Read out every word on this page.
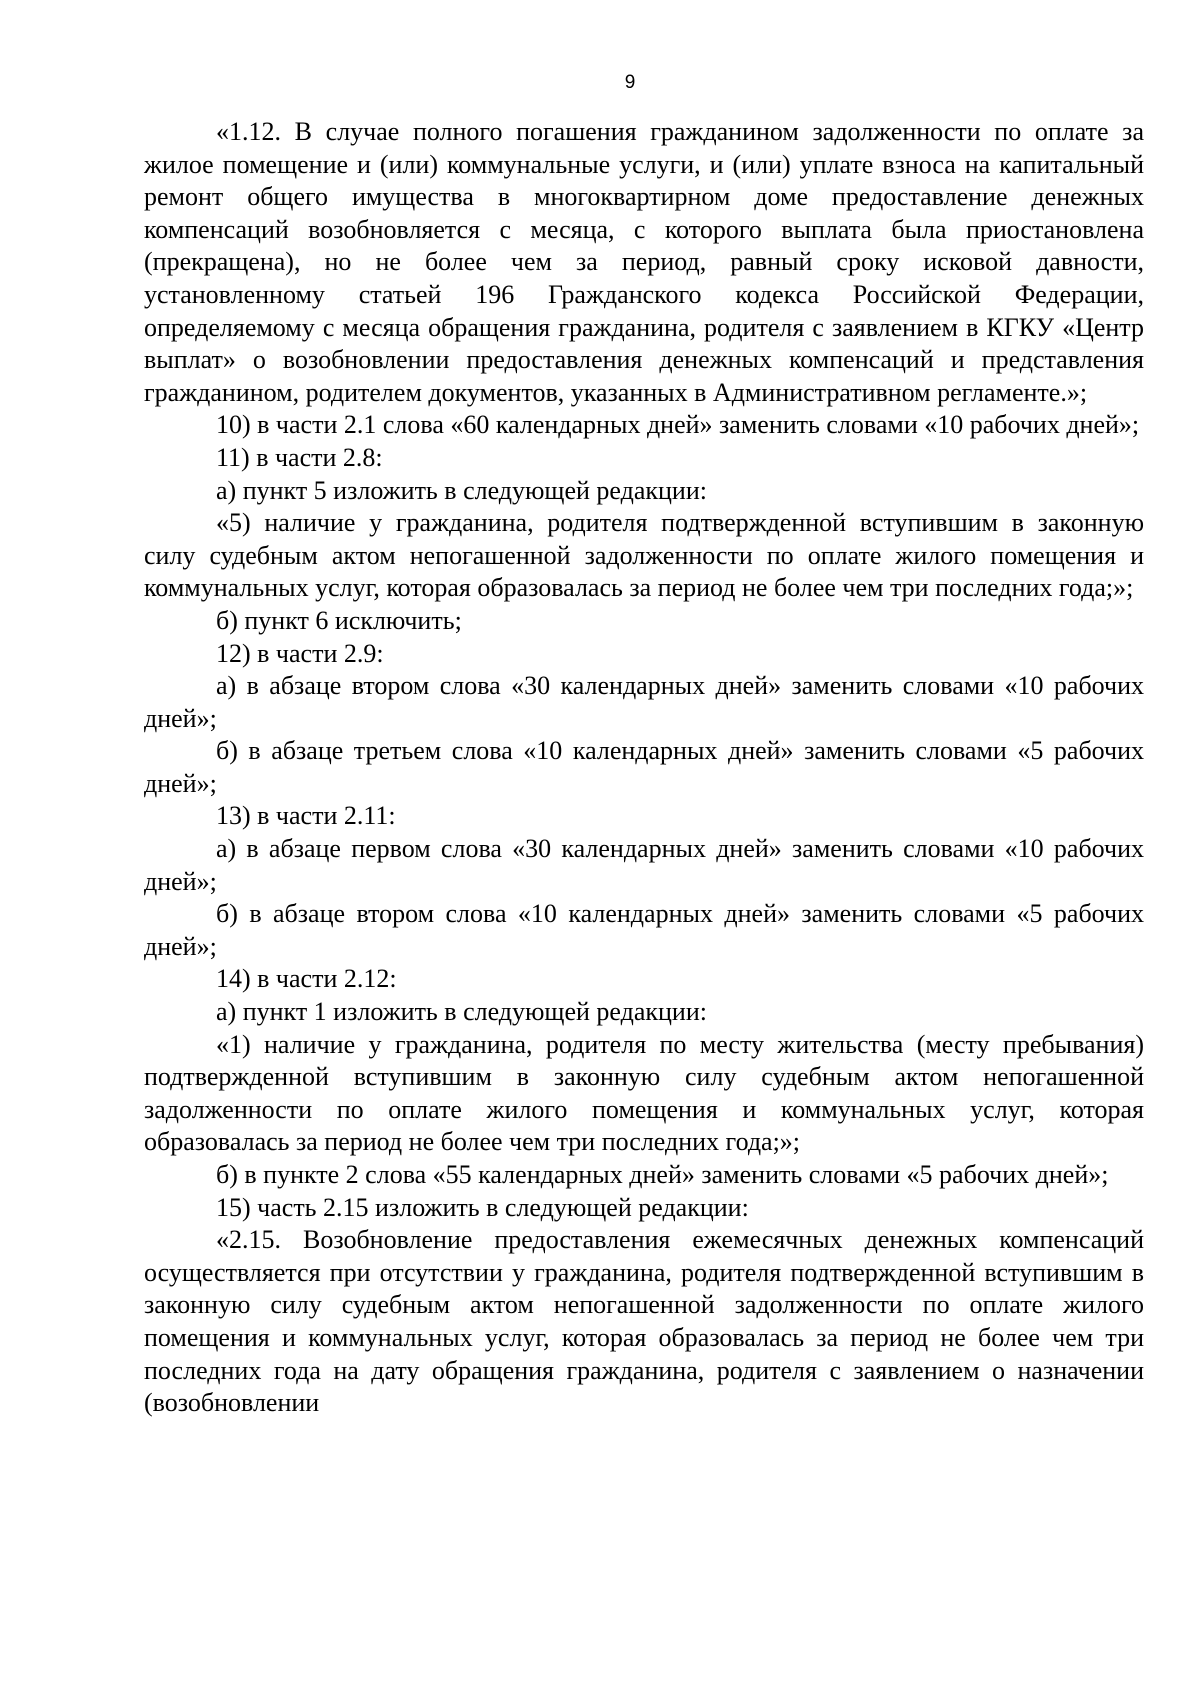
9

«1.12. В случае полного погашения гражданином задолженности по оплате за жилое помещение и (или) коммунальные услуги, и (или) уплате взноса на капитальный ремонт общего имущества в многоквартирном доме предоставление денежных компенсаций возобновляется с месяца, с которого выплата была приостановлена (прекращена), но не более чем за период, равный сроку исковой давности, установленному статьей 196 Гражданского кодекса Российской Федерации, определяемому с месяца обращения гражданина, родителя с заявлением в КГКУ «Центр выплат» о возобновлении предоставления денежных компенсаций и представления гражданином, родителем документов, указанных в Административном регламенте.»;

10) в части 2.1 слова «60 календарных дней» заменить словами «10 рабочих дней»;

11) в части 2.8:

а) пункт 5 изложить в следующей редакции:

«5) наличие у гражданина, родителя подтвержденной вступившим в законную силу судебным актом непогашенной задолженности по оплате жилого помещения и коммунальных услуг, которая образовалась за период не более чем три последних года;»;

б) пункт 6 исключить;

12) в части 2.9:

а) в абзаце втором слова «30 календарных дней» заменить словами «10 рабочих дней»;

б) в абзаце третьем слова «10 календарных дней» заменить словами «5 рабочих дней»;

13) в части 2.11:

а) в абзаце первом слова «30 календарных дней» заменить словами «10 рабочих дней»;

б) в абзаце втором слова «10 календарных дней» заменить словами «5 рабочих дней»;

14) в части 2.12:

а) пункт 1 изложить в следующей редакции:

«1) наличие у гражданина, родителя по месту жительства (месту пребывания) подтвержденной вступившим в законную силу судебным актом непогашенной задолженности по оплате жилого помещения и коммунальных услуг, которая образовалась за период не более чем три последних года;»;

б) в пункте 2 слова «55 календарных дней» заменить словами «5 рабочих дней»;

15) часть 2.15 изложить в следующей редакции:

«2.15. Возобновление предоставления ежемесячных денежных компенсаций осуществляется при отсутствии у гражданина, родителя подтвержденной вступившим в законную силу судебным актом непогашенной задолженности по оплате жилого помещения и коммунальных услуг, которая образовалась за период не более чем три последних года на дату обращения гражданина, родителя с заявлением о назначении (возобновлении
